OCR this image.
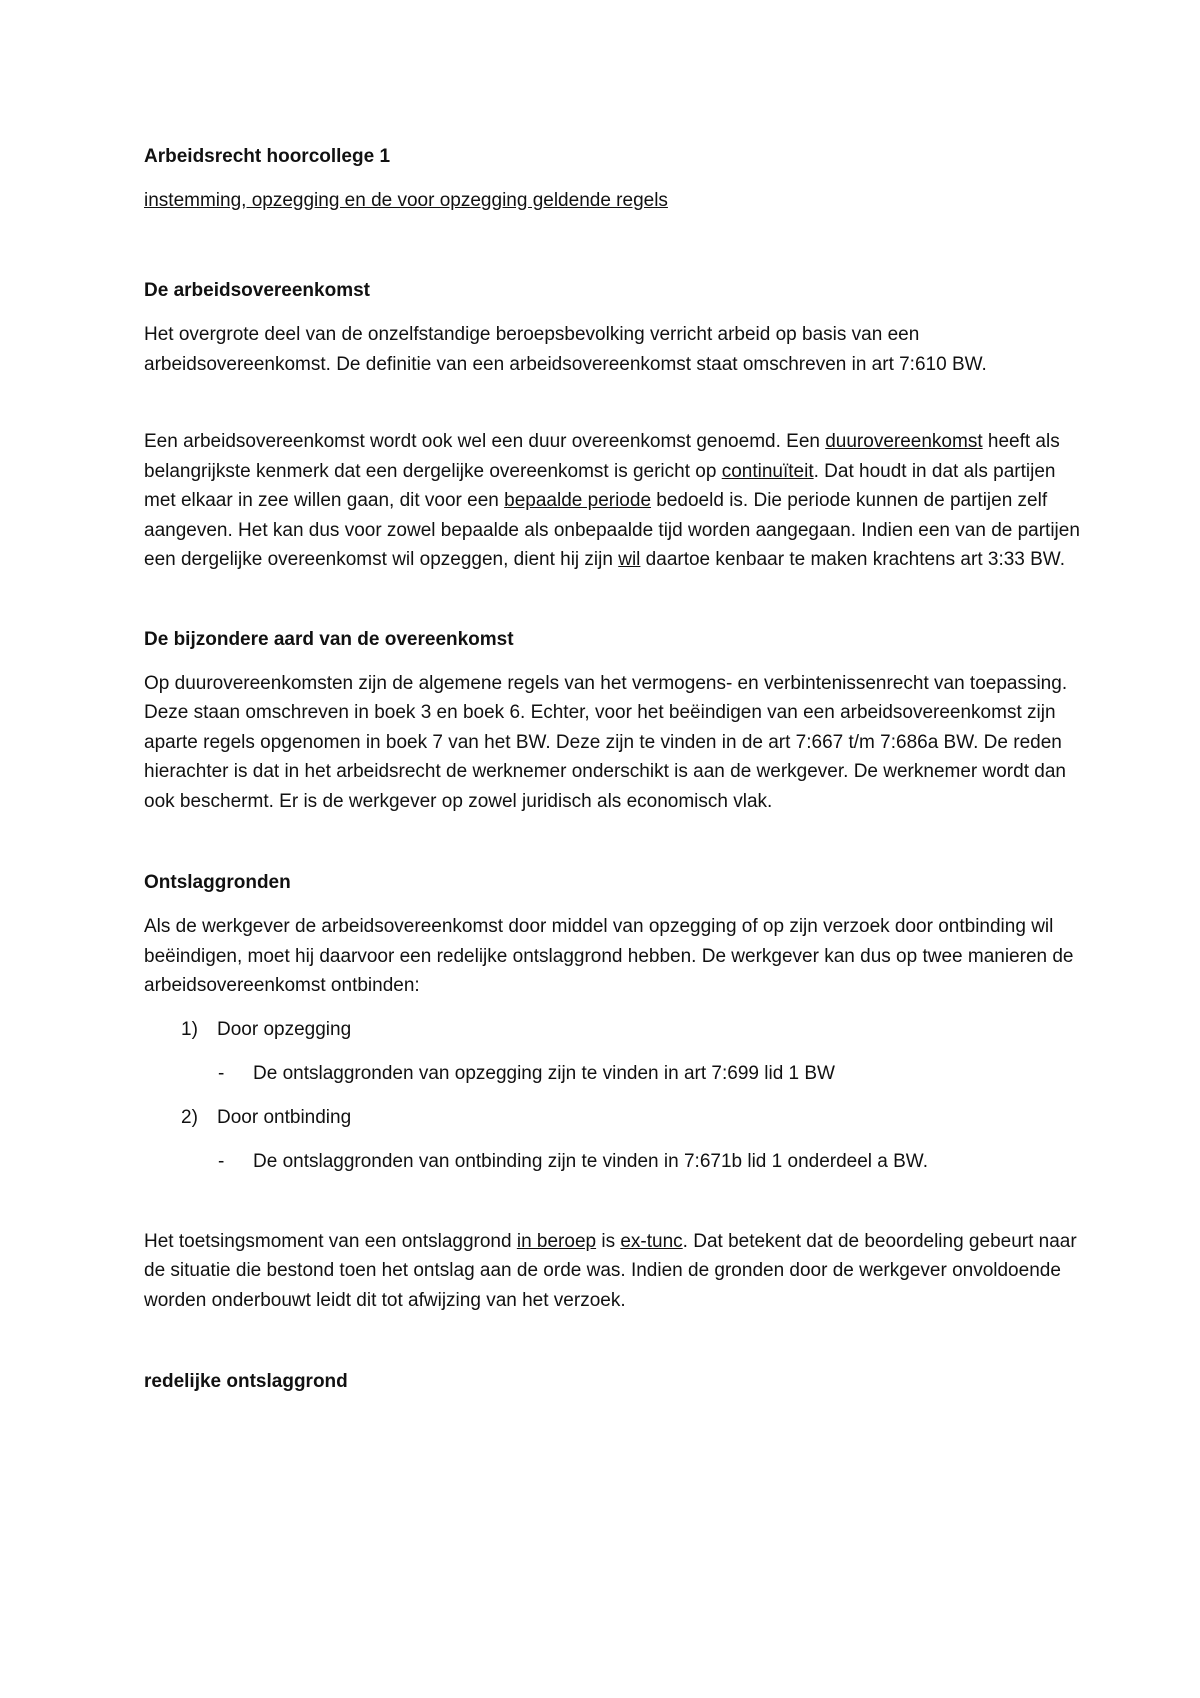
Arbeidsrecht hoorcollege 1

instemming, opzegging en de voor opzegging geldende regels

De arbeidsovereenkomst

Het overgrote deel van de onzelfstandige beroepsbevolking verricht arbeid op basis van een arbeidsovereenkomst. De definitie van een arbeidsovereenkomst staat omschreven in art 7:610 BW.

Een arbeidsovereenkomst wordt ook wel een duur overeenkomst genoemd. Een duurovereenkomst heeft als belangrijkste kenmerk dat een dergelijke overeenkomst is gericht op continuïteit. Dat houdt in dat als partijen met elkaar in zee willen gaan, dit voor een bepaalde periode bedoeld is. Die periode kunnen de partijen zelf aangeven. Het kan dus voor zowel bepaalde als onbepaalde tijd worden aangegaan. Indien een van de partijen een dergelijke overeenkomst wil opzeggen, dient hij zijn wil daartoe kenbaar te maken krachtens art 3:33 BW.

De bijzondere aard van de overeenkomst

Op duurovereenkomsten zijn de algemene regels van het vermogens- en verbintenissenrecht van toepassing. Deze staan omschreven in boek 3 en boek 6. Echter, voor het beëindigen van een arbeidsovereenkomst zijn aparte regels opgenomen in boek 7 van het BW. Deze zijn te vinden in de art 7:667 t/m 7:686a BW. De reden hierachter is dat in het arbeidsrecht de werknemer onderschikt is aan de werkgever. De werknemer wordt dan ook beschermt. Er is de werkgever op zowel juridisch als economisch vlak.

Ontslaggronden

Als de werkgever de arbeidsovereenkomst door middel van opzegging of op zijn verzoek door ontbinding wil beëindigen, moet hij daarvoor een redelijke ontslaggrond hebben. De werkgever kan dus op twee manieren de arbeidsovereenkomst ontbinden:

1) Door opzegging
- De ontslaggronden van opzegging zijn te vinden in art 7:699 lid 1 BW
2) Door ontbinding
- De ontslaggronden van ontbinding zijn te vinden in 7:671b lid 1 onderdeel a BW.

Het toetsingsmoment van een ontslaggrond in beroep is ex-tunc. Dat betekent dat de beoordeling gebeurt naar de situatie die bestond toen het ontslag aan de orde was. Indien de gronden door de werkgever onvoldoende worden onderbouwt leidt dit tot afwijzing van het verzoek.

redelijke ontslaggrond
